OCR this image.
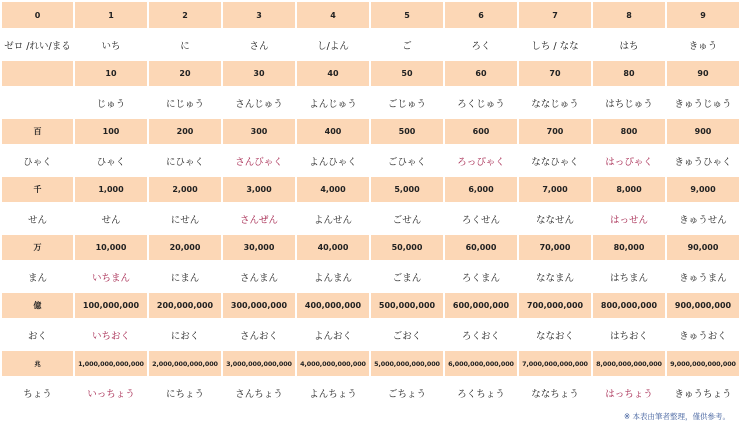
0	1	2	3	4	5	6	7	8	9
ゼロ /れい/まる	いち	に	さん	し/よん	ご	ろく	しち / なな	はち	きゅう
	10	20	30	40	50	60	70	80	90
	じゅう	にじゅう	さんじゅう	よんじゅう	ごじゅう	ろくじゅう	ななじゅう	はちじゅう	きゅうじゅう
百	100	200	300	400	500	600	700	800	900
ひゃく	ひゃく	にひゃく	さんびゃく	よんひゃく	ごひゃく	ろっぴゃく	ななひゃく	はっぴゃく	きゅうひゃく
千	1,000	2,000	3,000	4,000	5,000	6,000	7,000	8,000	9,000
せん	せん	にせん	さんぜん	よんせん	ごせん	ろくせん	ななせん	はっせん	きゅうせん
万	10,000	20,000	30,000	40,000	50,000	60,000	70,000	80,000	90,000
まん	いちまん	にまん	さんまん	よんまん	ごまん	ろくまん	ななまん	はちまん	きゅうまん
億	100,000,000	200,000,000	300,000,000	400,000,000	500,000,000	600,000,000	700,000,000	800,000,000	900,000,000
おく	いちおく	におく	さんおく	よんおく	ごおく	ろくおく	ななおく	はちおく	きゅうおく
兆	1,000,000,000,000	2,000,000,000,000	3,000,000,000,000	4,000,000,000,000	5,000,000,000,000	6,000,000,000,000	7,000,000,000,000	8,000,000,000,000	9,000,000,000,000
ちょう	いっちょう	にちょう	さんちょう	よんちょう	ごちょう	ろくちょう	ななちょう	はっちょう	きゅうちょう
※ 本表由筆者整理，僅供參考。
